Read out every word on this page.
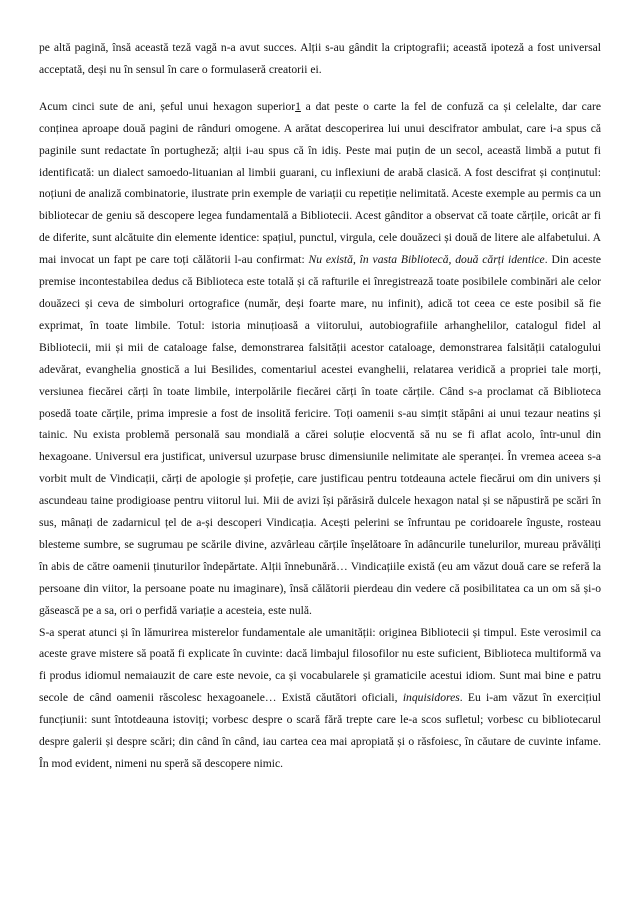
pe altă pagină, însă această teză vagă n-a avut succes. Alții s-au gândit la criptografii; această ipoteză a fost universal acceptată, deși nu în sensul în care o formulaseră creatorii ei.

Acum cinci sute de ani, șeful unui hexagon superior1 a dat peste o carte la fel de confuză ca și celelalte, dar care conținea aproape două pagini de rânduri omogene. A arătat descoperirea lui unui descifrator ambulat, care i-a spus că paginile sunt redactate în portugheză; alții i-au spus că în idiș. Peste mai puțin de un secol, această limbă a putut fi identificată: un dialect samoedo-lituanian al limbii guarani, cu inflexiuni de arabă clasică. A fost descifrat și conținutul: noțiuni de analiză combinatorie, ilustrate prin exemple de variații cu repetiție nelimitată. Aceste exemple au permis ca un bibliotecar de geniu să descopere legea fundamentală a Bibliotecii. Acest gânditor a observat că toate cărțile, oricât ar fi de diferite, sunt alcătuite din elemente identice: spațiul, punctul, virgula, cele douăzeci și două de litere ale alfabetului. A mai invocat un fapt pe care toți călătorii l-au confirmat: Nu există, în vasta Bibliotecă, două cărți identice. Din aceste premise incontestabilea dedus că Biblioteca este totală și că rafturile ei înregistrează toate posibilele combinări ale celor douăzeci și ceva de simboluri ortografice (număr, deși foarte mare, nu infinit), adică tot ceea ce este posibil să fie exprimat, în toate limbile. Totul: istoria minuțioasă a viitorului, autobiografiile arhanghelilor, catalogul fidel al Bibliotecii, mii și mii de cataloage false, demonstrarea falsității acestor cataloage, demonstrarea falsității catalogului adevărat, evanghelia gnostică a lui Besilides, comentariul acestei evanghelii, relatarea veridică a propriei tale morți, versiunea fiecărei cărți în toate limbile, interpolările fiecărei cărți în toate cărțile. Când s-a proclamat că Biblioteca posedă toate cărțile, prima impresie a fost de insolită fericire. Toți oamenii s-au simțit stăpâni ai unui tezaur neatins și tainic. Nu exista problemă personală sau mondială a cărei soluție elocventă să nu se fi aflat acolo, într-unul din hexagoane. Universul era justificat, universul uzurpase brusc dimensiunile nelimitate ale speranței. În vremea aceea s-a vorbit mult de Vindicații, cărți de apologie și profeție, care justificau pentru totdeauna actele fiecărui om din univers și ascundeau taine prodigioase pentru viitorul lui. Mii de avizi își părăsiră dulcele hexagon natal și se năpustiră pe scări în sus, mânați de zadarnicul țel de a-și descoperi Vindicația. Acești pelerini se înfruntau pe coridoarele înguste, rosteau blesteme sumbre, se sugrumau pe scările divine, azvârleau cărțile înșelătoare în adâncurile tunelurilor, mureau prăvăliți în abis de către oamenii ținuturilor îndepărtate. Alții înnebunără… Vindicațiile există (eu am văzut două care se referă la persoane din viitor, la persoane poate nu imaginare), însă călătorii pierdeau din vedere că posibilitatea ca un om să și-o găsească pe a sa, ori o perfidă variație a acesteia, este nulă.

S-a sperat atunci și în lămurirea misterelor fundamentale ale umanității: originea Bibliotecii și timpul. Este verosimil ca aceste grave mistere să poată fi explicate în cuvinte: dacă limbajul filosofilor nu este suficient, Biblioteca multiformă va fi produs idiomul nemaiauzit de care este nevoie, ca și vocabularele și gramaticile acestui idiom. Sunt mai bine e patru secole de când oamenii răscolesc hexagoanele… Există căutători oficiali, inquisidores. Eu i-am văzut în exercițiul funcțiunii: sunt întotdeauna istoviți; vorbesc despre o scară fără trepte care le-a scos sufletul; vorbesc cu bibliotecarul despre galerii și despre scări; din când în când, iau cartea cea mai apropiată și o răsfoiesc, în căutare de cuvinte infame. În mod evident, nimeni nu speră să descopere nimic.
